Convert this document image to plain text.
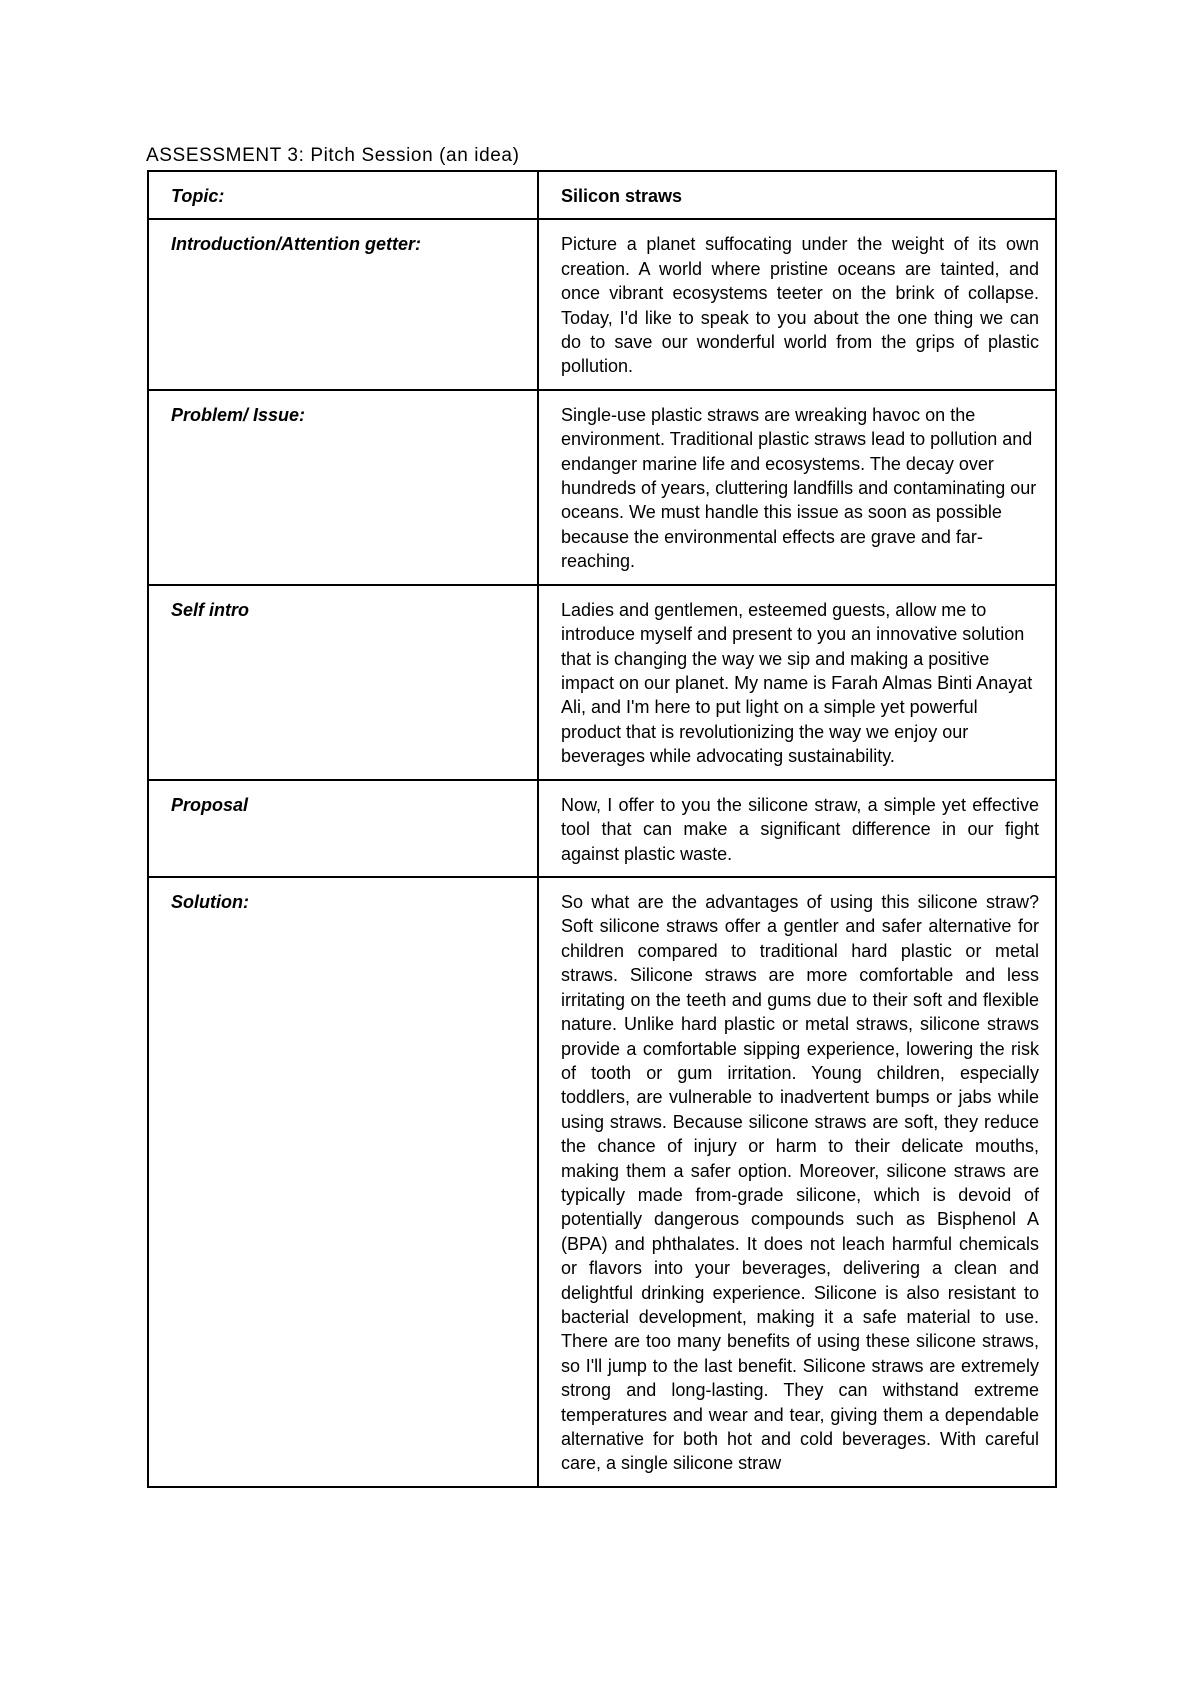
ASSESSMENT 3: Pitch Session (an idea)
Topic:	Silicon straws
Introduction/Attention getter:	Picture a planet suffocating under the weight of its own creation. A world where pristine oceans are tainted, and once vibrant ecosystems teeter on the brink of collapse. Today, I'd like to speak to you about the one thing we can do to save our wonderful world from the grips of plastic pollution.
Problem/ Issue:	Single-use plastic straws are wreaking havoc on the environment. Traditional plastic straws lead to pollution and endanger marine life and ecosystems. The decay over hundreds of years, cluttering landfills and contaminating our oceans. We must handle this issue as soon as possible because the environmental effects are grave and far-reaching.
Self intro	Ladies and gentlemen, esteemed guests, allow me to introduce myself and present to you an innovative solution that is changing the way we sip and making a positive impact on our planet. My name is Farah Almas Binti Anayat Ali, and I'm here to put light on a simple yet powerful product that is revolutionizing the way we enjoy our beverages while advocating sustainability.
Proposal	Now, I offer to you the silicone straw, a simple yet effective tool that can make a significant difference in our fight against plastic waste.
Solution:	So what are the advantages of using this silicone straw? Soft silicone straws offer a gentler and safer alternative for children compared to traditional hard plastic or metal straws. Silicone straws are more comfortable and less irritating on the teeth and gums due to their soft and flexible nature. Unlike hard plastic or metal straws, silicone straws provide a comfortable sipping experience, lowering the risk of tooth or gum irritation. Young children, especially toddlers, are vulnerable to inadvertent bumps or jabs while using straws. Because silicone straws are soft, they reduce the chance of injury or harm to their delicate mouths, making them a safer option. Moreover, silicone straws are typically made from-grade silicone, which is devoid of potentially dangerous compounds such as Bisphenol A (BPA) and phthalates. It does not leach harmful chemicals or flavors into your beverages, delivering a clean and delightful drinking experience. Silicone is also resistant to bacterial development, making it a safe material to use. There are too many benefits of using these silicone straws, so I'll jump to the last benefit. Silicone straws are extremely strong and long-lasting. They can withstand extreme temperatures and wear and tear, giving them a dependable alternative for both hot and cold beverages. With careful care, a single silicone straw
